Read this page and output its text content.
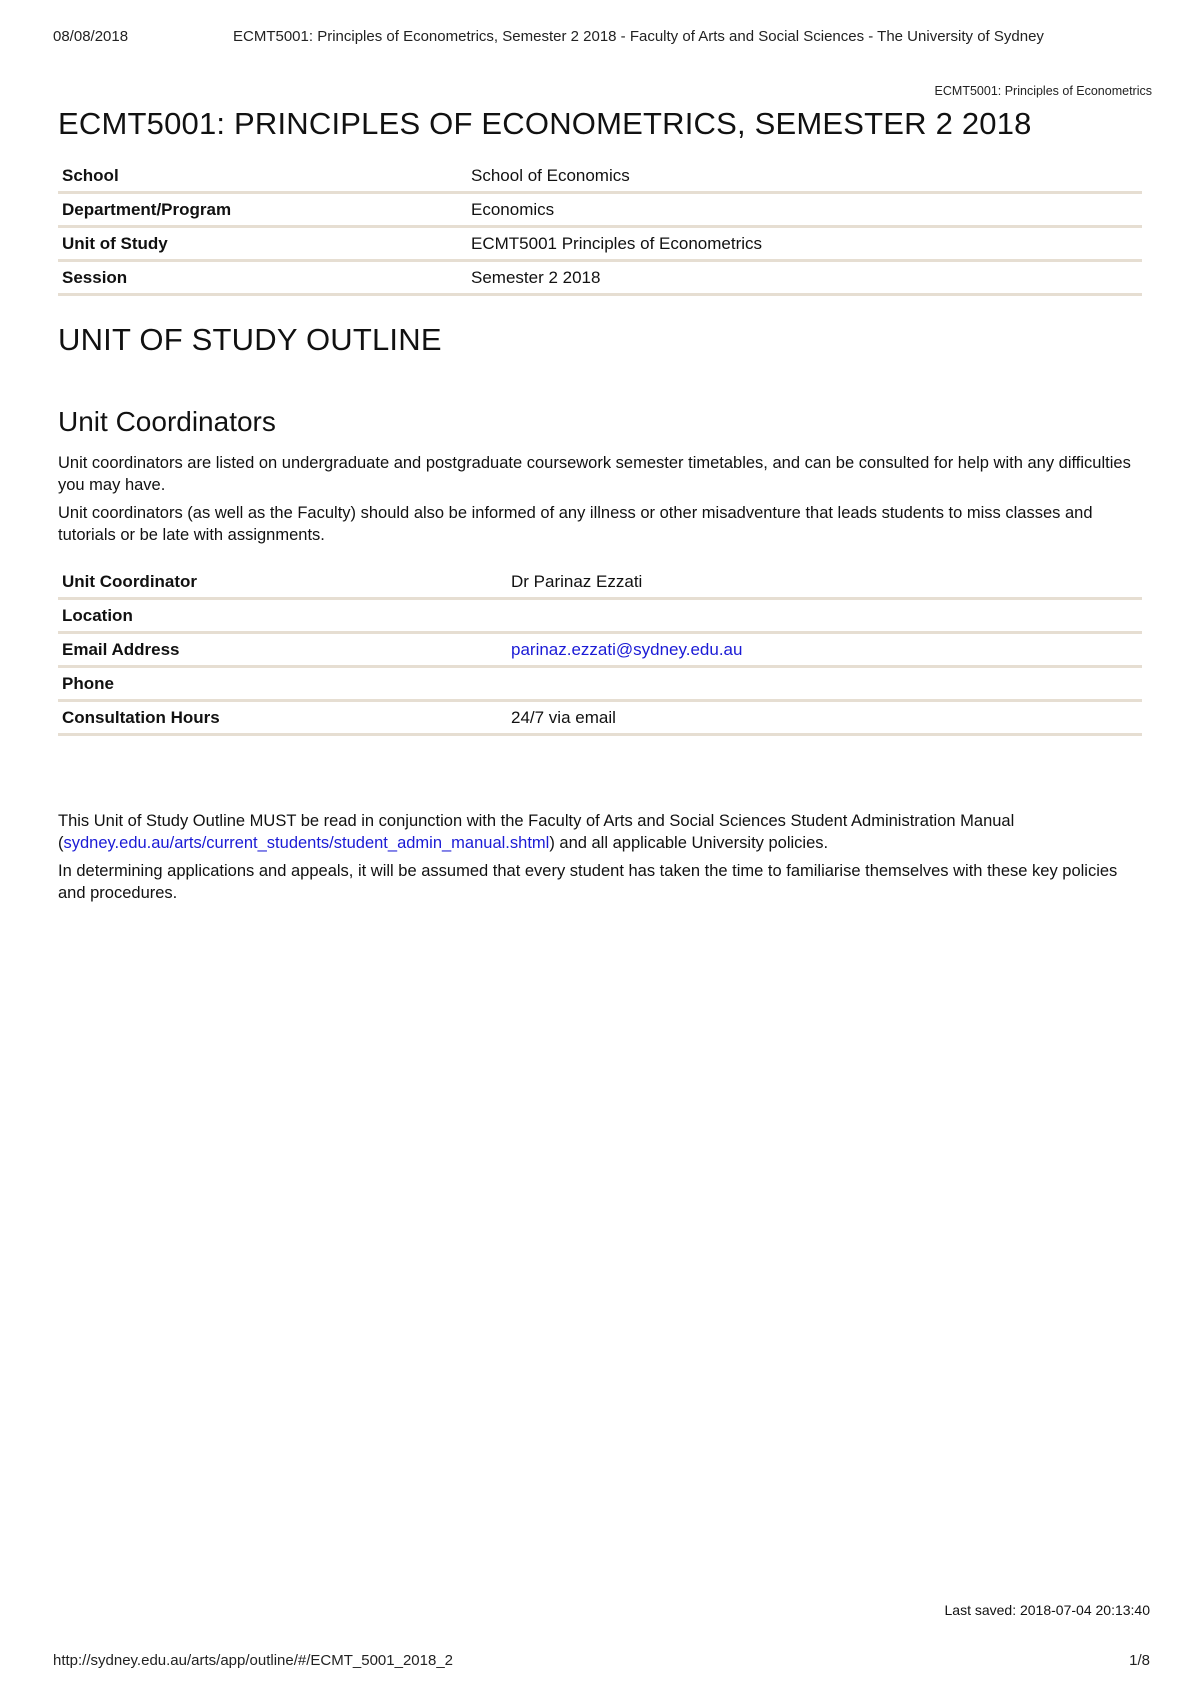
08/08/2018	ECMT5001: Principles of Econometrics, Semester 2 2018 - Faculty of Arts and Social Sciences - The University of Sydney
ECMT5001: Principles of Econometrics
ECMT5001: PRINCIPLES OF ECONOMETRICS, SEMESTER 2 2018
School	School of Economics
Department/Program	Economics
Unit of Study	ECMT5001 Principles of Econometrics
Session	Semester 2 2018
UNIT OF STUDY OUTLINE
Unit Coordinators

Unit coordinators are listed on undergraduate and postgraduate coursework semester timetables, and can be consulted for help with any difficulties you may have.

Unit coordinators (as well as the Faculty) should also be informed of any illness or other misadventure that leads students to miss classes and tutorials or be late with assignments.

Unit Coordinator	Dr Parinaz Ezzati
Location	
Email Address	parinaz.ezzati@sydney.edu.au
Phone	
Consultation Hours	24/7 via email

This Unit of Study Outline MUST be read in conjunction with the Faculty of Arts and Social Sciences Student Administration Manual (sydney.edu.au/arts/current_students/student_admin_manual.shtml) and all applicable University policies.

In determining applications and appeals, it will be assumed that every student has taken the time to familiarise themselves with these key policies and procedures.

Last saved: 2018-07-04 20:13:40
http://sydney.edu.au/arts/app/outline/#/ECMT_5001_2018_2	1/8
